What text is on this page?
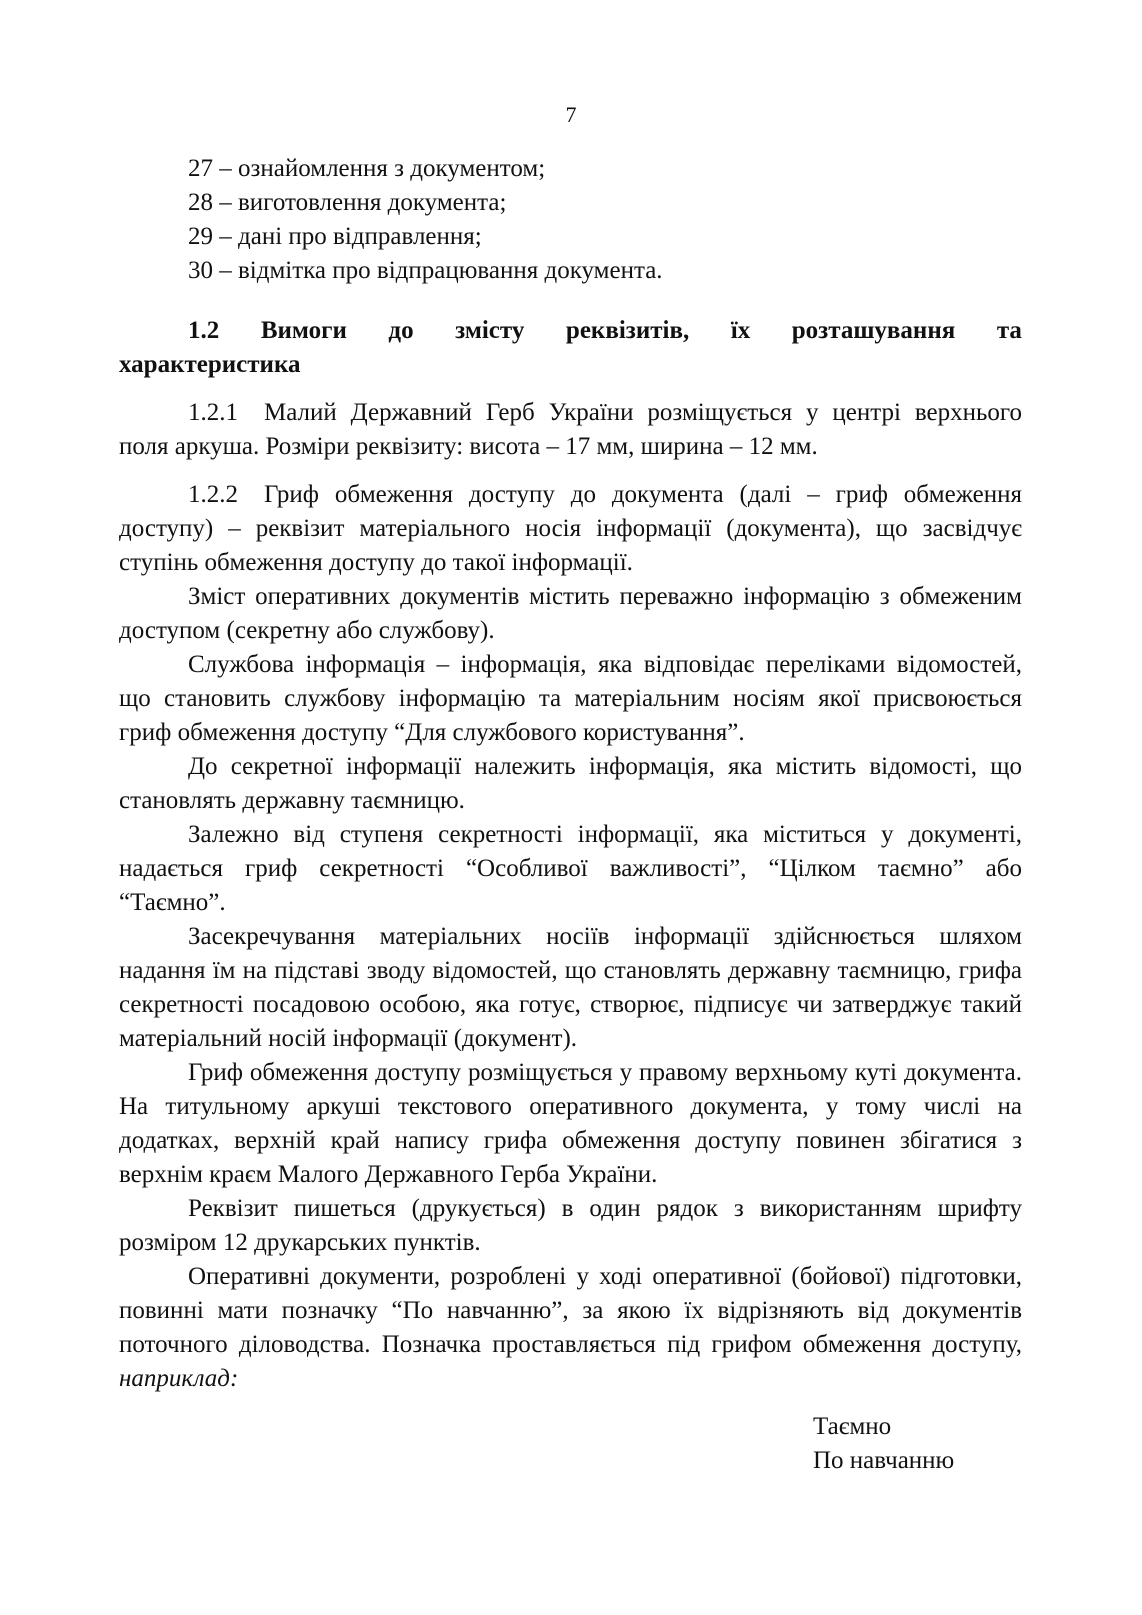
7

27 – ознайомлення з документом;

28 – виготовлення документа;

29 – дані про відправлення;

30 – відмітка про відпрацювання документа.

1.2 Вимоги до змісту реквізитів, їх розташування та
характеристика

1.2.1 Малий Державний Герб України розміщується у центрі верхнього поля аркуша. Розміри реквізиту: висота – 17 мм, ширина – 12 мм.

1.2.2 Гриф обмеження доступу до документа (далі – гриф обмеження доступу) – реквізит матеріального носія інформації (документа), що засвідчує ступінь обмеження доступу до такої інформації.

Зміст оперативних документів містить переважно інформацію з обмеженим доступом (секретну або службову).

Службова інформація – інформація, яка відповідає переліками відомостей, що становить службову інформацію та матеріальним носіям якої присвоюється гриф обмеження доступу “Для службового користування”.

До секретної інформації належить інформація, яка містить відомості, що становлять державну таємницю.

Залежно від ступеня секретності інформації, яка міститься у документі, надається гриф секретності “Особливої важливості”, “Цілком таємно” або “Таємно”.

Засекречування матеріальних носіїв інформації здійснюється шляхом надання їм на підставі зводу відомостей, що становлять державну таємницю, грифа секретності посадовою особою, яка готує, створює, підписує чи затверджує такий матеріальний носій інформації (документ).

Гриф обмеження доступу розміщується у правому верхньому куті документа. На титульному аркуші текстового оперативного документа, у тому числі на додатках, верхній край напису грифа обмеження доступу повинен збігатися з верхнім краєм Малого Державного Герба України.

Реквізит пишеться (друкується) в один рядок з використанням шрифту розміром 12 друкарських пунктів.

Оперативні документи, розроблені у ході оперативної (бойової) підготовки, повинні мати позначку “По навчанню”, за якою їх відрізняють від документів поточного діловодства. Позначка проставляється під грифом обмеження доступу, наприклад:

Таємно
По навчанню
